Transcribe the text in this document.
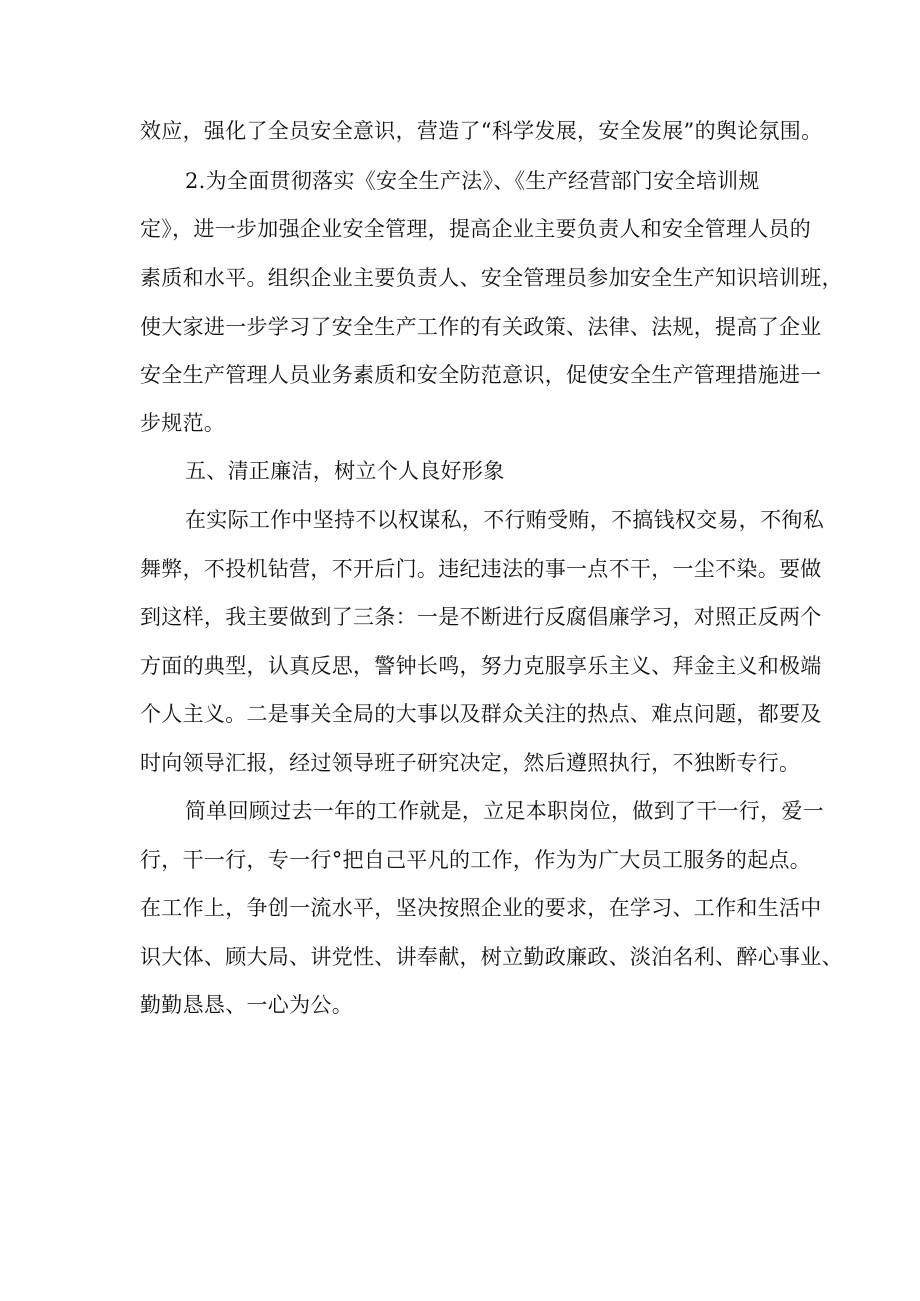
效应，强化了全员安全意识，营造了“科学发展，安全发展”的舆论氛围。
2.为全面贯彻落实《安全生产法》、《生产经营部门安全培训规
定》，进一步加强企业安全管理，提高企业主要负责人和安全管理人员的
素质和水平。组织企业主要负责人、安全管理员参加安全生产知识培训班，
使大家进一步学习了安全生产工作的有关政策、法律、法规，提高了企业
安全生产管理人员业务素质和安全防范意识，促使安全生产管理措施进一
步规范。
五、清正廉洁，树立个人良好形象
在实际工作中坚持不以权谋私，不行贿受贿，不搞钱权交易，不徇私
舞弊，不投机钻营，不开后门。违纪违法的事一点不干，一尘不染。要做
到这样，我主要做到了三条：一是不断进行反腐倡廉学习，对照正反两个
方面的典型，认真反思，警钟长鸣，努力克服享乐主义、拜金主义和极端
个人主义。二是事关全局的大事以及群众关注的热点、难点问题，都要及
时向领导汇报，经过领导班子研究决定，然后遵照执行，不独断专行。
简单回顾过去一年的工作就是，立足本职岗位，做到了干一行，爱一
行，干一行，专一行°把自己平凡的工作，作为为广大员工服务的起点。
在工作上，争创一流水平，坚决按照企业的要求，在学习、工作和生活中
识大体、顾大局、讲党性、讲奉献，树立勤政廉政、淡泊名利、醉心事业、
勤勤恳恳、一心为公。
